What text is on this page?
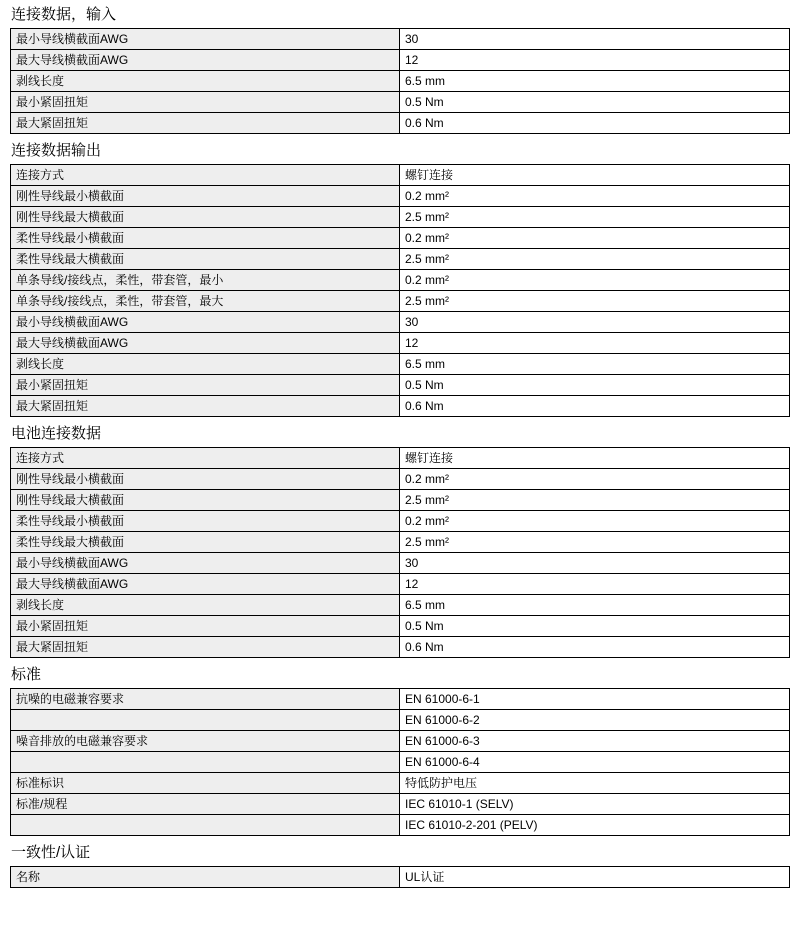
连接数据，输入
最小导线横截面AWG	30
最大导线横截面AWG	12
剥线长度	6.5 mm
最小紧固扭矩	0.5 Nm
最大紧固扭矩	0.6 Nm
连接数据输出
连接方式	螺钉连接
刚性导线最小横截面	0.2 mm²
刚性导线最大横截面	2.5 mm²
柔性导线最小横截面	0.2 mm²
柔性导线最大横截面	2.5 mm²
单条导线/接线点，柔性，带套管，最小	0.2 mm²
单条导线/接线点，柔性，带套管，最大	2.5 mm²
最小导线横截面AWG	30
最大导线横截面AWG	12
剥线长度	6.5 mm
最小紧固扭矩	0.5 Nm
最大紧固扭矩	0.6 Nm
电池连接数据
连接方式	螺钉连接
刚性导线最小横截面	0.2 mm²
刚性导线最大横截面	2.5 mm²
柔性导线最小横截面	0.2 mm²
柔性导线最大横截面	2.5 mm²
最小导线横截面AWG	30
最大导线横截面AWG	12
剥线长度	6.5 mm
最小紧固扭矩	0.5 Nm
最大紧固扭矩	0.6 Nm
标准
抗噪的电磁兼容要求	EN 61000-6-1
	EN 61000-6-2
噪音排放的电磁兼容要求	EN 61000-6-3
	EN 61000-6-4
标准标识	特低防护电压
标准/规程	IEC 61010-1 (SELV)
	IEC 61010-2-201 (PELV)
一致性/认证
名称	UL认证
